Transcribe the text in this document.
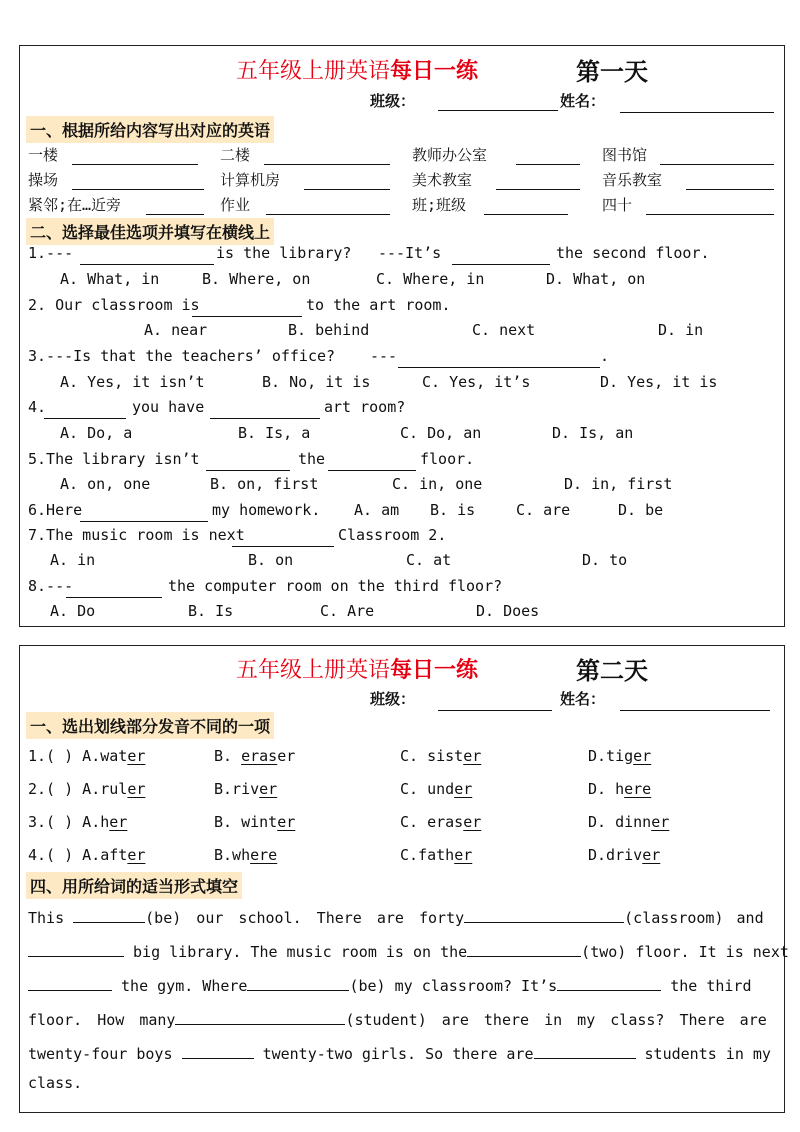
五年级上册英语每日一练	第一天
班级：	姓名：
一、根据所给内容写出对应的英语
一楼	二楼	教师办公室	图书馆
操场	计算机房	美术教室	音乐教室
紧邻;在…近旁	作业	班;班级	四十
二、选择最佳选项并填写在横线上
1.---	is the library? ---It’s	the second floor.
A. What, in	B. Where, on	C. Where, in	D. What, on
2. Our classroom is	to the art room.
A. near	B. behind	C. next	D. in
3.---Is that the teachers’ office? ---	.
A. Yes, it isn’t	B. No, it is	C. Yes, it’s	D. Yes, it is
4.	you have	art room?
A. Do, a	B. Is, a	C. Do, an	D. Is, an
5.The library isn’t	the	floor.
A. on, one	B. on, first	C. in, one	D. in, first
6.Here	my homework. A. am B. is	C. are	D. be
7.The music room is next	Classroom 2.
A. in	B. on	C. at	D. to
8.---	the computer room on the third floor?
A. Do	B. Is	C. Are	D. Does
五年级上册英语每日一练	第二天
班级：	姓名：
一、选出划线部分发音不同的一项
1.( ) A.water	B. eraser	C. sister	D.tiger
2.( ) A.ruler	B.river	C. under	D. here
3.( ) A.her	B. winter	C. eraser	D. dinner
4.( ) A.after	B.where	C.father	D.driver
四、用所给词的适当形式填空
This	(be) our school. There are forty	(classroom) and
big library. The music room is on the	(two) floor. It is next
the gym. Where	(be) my classroom? It’s	the third
floor. How many	(student) are there in my class? There are
twenty-four boys	twenty-two girls. So there are	students in my
class.
